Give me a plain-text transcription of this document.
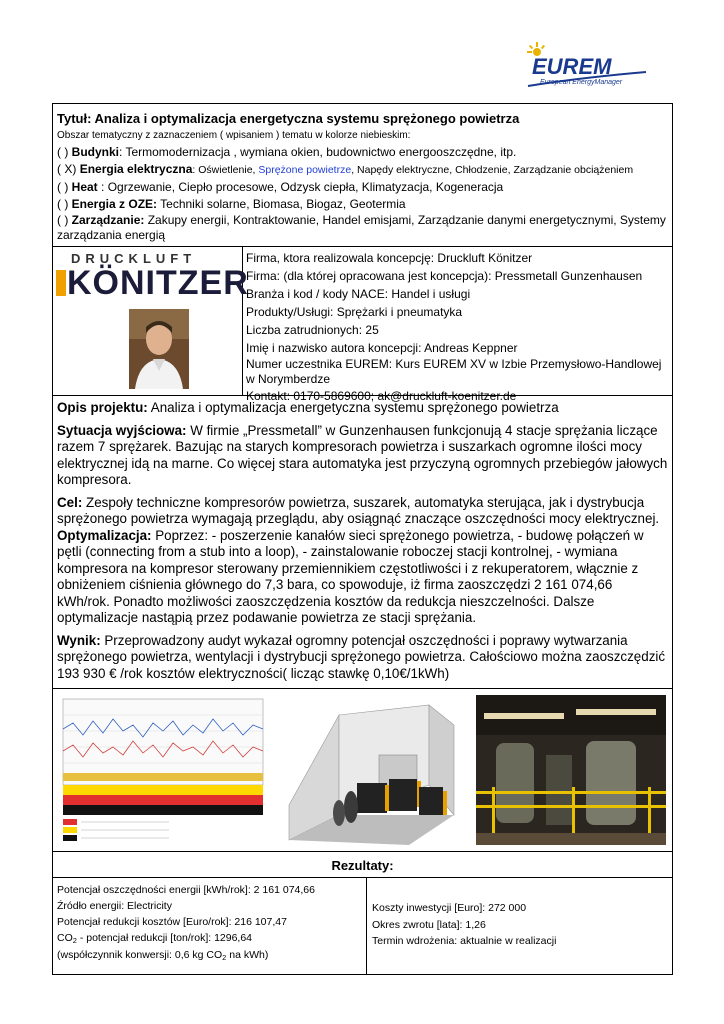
EUREM
European EnergyManager
Tytuł: Analiza i optymalizacja energetyczna systemu sprężonego powietrza
Obszar tematyczny z zaznaczeniem ( wpisaniem ) tematu w kolorze niebieskim:
( ) Budynki: Termomodernizacja , wymiana okien, budownictwo energooszczędne, itp.
( X) Energia elektryczna: Oświetlenie, Sprężone powietrze, Napędy elektryczne, Chłodzenie, Zarządzanie obciążeniem
( ) Heat : Ogrzewanie, Ciepło procesowe, Odzysk ciepła, Klimatyzacja, Kogeneracja
( ) Energia z OZE: Techniki solarne, Biomasa, Biogaz, Geotermia
( ) Zarządzanie: Zakupy energii, Kontraktowanie, Handel emisjami, Zarządzanie danymi energetycznymi, Systemy zarządzania energią
DRUCKLUFT
KÖNITZER
Firma, ktora realizowala koncepcję: Druckluft Könitzer
Firma: (dla której opracowana jest koncepcja): Pressmetall Gunzenhausen
Branża i kod / kody NACE: Handel i usługi
Produkty/Usługi: Sprężarki i pneumatyka
Liczba zatrudnionych: 25
Imię i nazwisko autora koncepcji: Andreas Keppner
Numer uczestnika EUREM: Kurs EUREM XV w Izbie Przemysłowo-Handlowej w Norymberdze
Kontakt: 0170-5869600; ak@druckluft-koenitzer.de

Opis projektu: Analiza i optymalizacja energetyczna systemu sprężonego powietrza

Sytuacja wyjściowa: W firmie „Pressmetall” w Gunzenhausen funkcjonują 4 stacje sprężania liczące razem 7 sprężarek. Bazując na starych kompresorach powietrza i suszarkach ogromne ilości mocy elektrycznej idą na marne. Co więcej stara automatyka jest przyczyną ogromnych przebiegów jałowych kompresora.

Cel: Zespoły techniczne kompresorów powietrza, suszarek, automatyka sterująca, jak i dystrybucja sprężonego powietrza wymagają przeglądu, aby osiągnąć znaczące oszczędności mocy elektrycznej.
Optymalizacja: Poprzez: - poszerzenie kanałów sieci sprężonego powietrza, - budowę połączeń w pętli (connecting from a stub into a loop), - zainstalowanie roboczej stacji kontrolnej, - wymiana kompresora na kompresor sterowany przemiennikiem częstotliwości i z rekuperatorem, włącznie z obniżeniem ciśnienia głównego do 7,3 bara, co spowoduje, iż firma zaoszczędzi 2 161 074,66 kWh/rok. Ponadto możliwości zaoszczędzenia kosztów da redukcja nieszczelności. Dalsze optymalizacje nastąpią przez podawanie powietrza ze stacji sprężania.

Wynik: Przeprowadzony audyt wykazał ogromny potencjał oszczędności i poprawy wytwarzania sprężonego powietrza, wentylacji i dystrybucji sprężonego powietrza. Całościowo można zaoszczędzić 193 930 € /rok kosztów elektryczności( licząc stawkę 0,10€/1kWh)

Rezultaty:
Potencjał oszczędności energii [kWh/rok]: 2 161 074,66
Źródło energii: Electricity
Potencjał redukcji kosztów [Euro/rok]: 216 107,47
$CO_2$ - potencjał redukcji [ton/rok]: 1296,64
(współczynnik konwersji: 0,6 kg $CO_2$ na kWh)
Koszty inwestycji [Euro]: 272 000
Okres zwrotu [lata]: 1,26
Termin wdrożenia: aktualnie w realizacji
